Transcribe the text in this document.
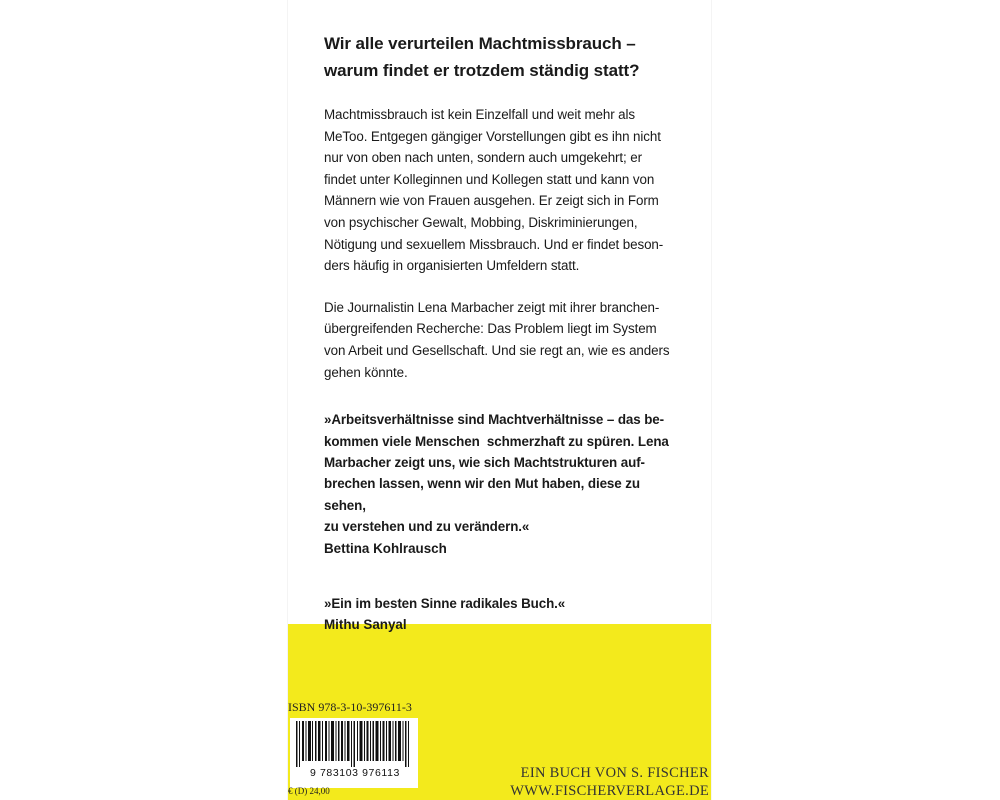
Wir alle verurteilen Machtmissbrauch –
warum findet er trotzdem ständig statt?
Machtmissbrauch ist kein Einzelfall und weit mehr als
MeToo. Entgegen gängiger Vorstellungen gibt es ihn nicht
nur von oben nach unten, sondern auch umgekehrt; er
findet unter Kolleginnen und Kollegen statt und kann von
Männern wie von Frauen ausgehen. Er zeigt sich in Form
von psychischer Gewalt, Mobbing, Diskriminierungen,
Nötigung und sexuellem Missbrauch. Und er findet beson-
ders häufig in organisierten Umfeldern statt.
Die Journalistin Lena Marbacher zeigt mit ihrer branchen-
übergreifenden Recherche: Das Problem liegt im System
von Arbeit und Gesellschaft. Und sie regt an, wie es anders
gehen könnte.
»Arbeitsverhältnisse sind Machtverhältnisse – das be-
kommen viele Menschen  schmerzhaft zu spüren. Lena
Marbacher zeigt uns, wie sich Machtstrukturen auf-
brechen lassen, wenn wir den Mut haben, diese zu sehen,
zu verstehen und zu verändern.«
Bettina Kohlrausch
»Ein im besten Sinne radikales Buch.«
Mithu Sanyal
ISBN 978-3-10-397611-3
9 783103 976113
€ (D) 24,00
EIN BUCH VON S. FISCHER
WWW.FISCHERVERLAGE.DE
